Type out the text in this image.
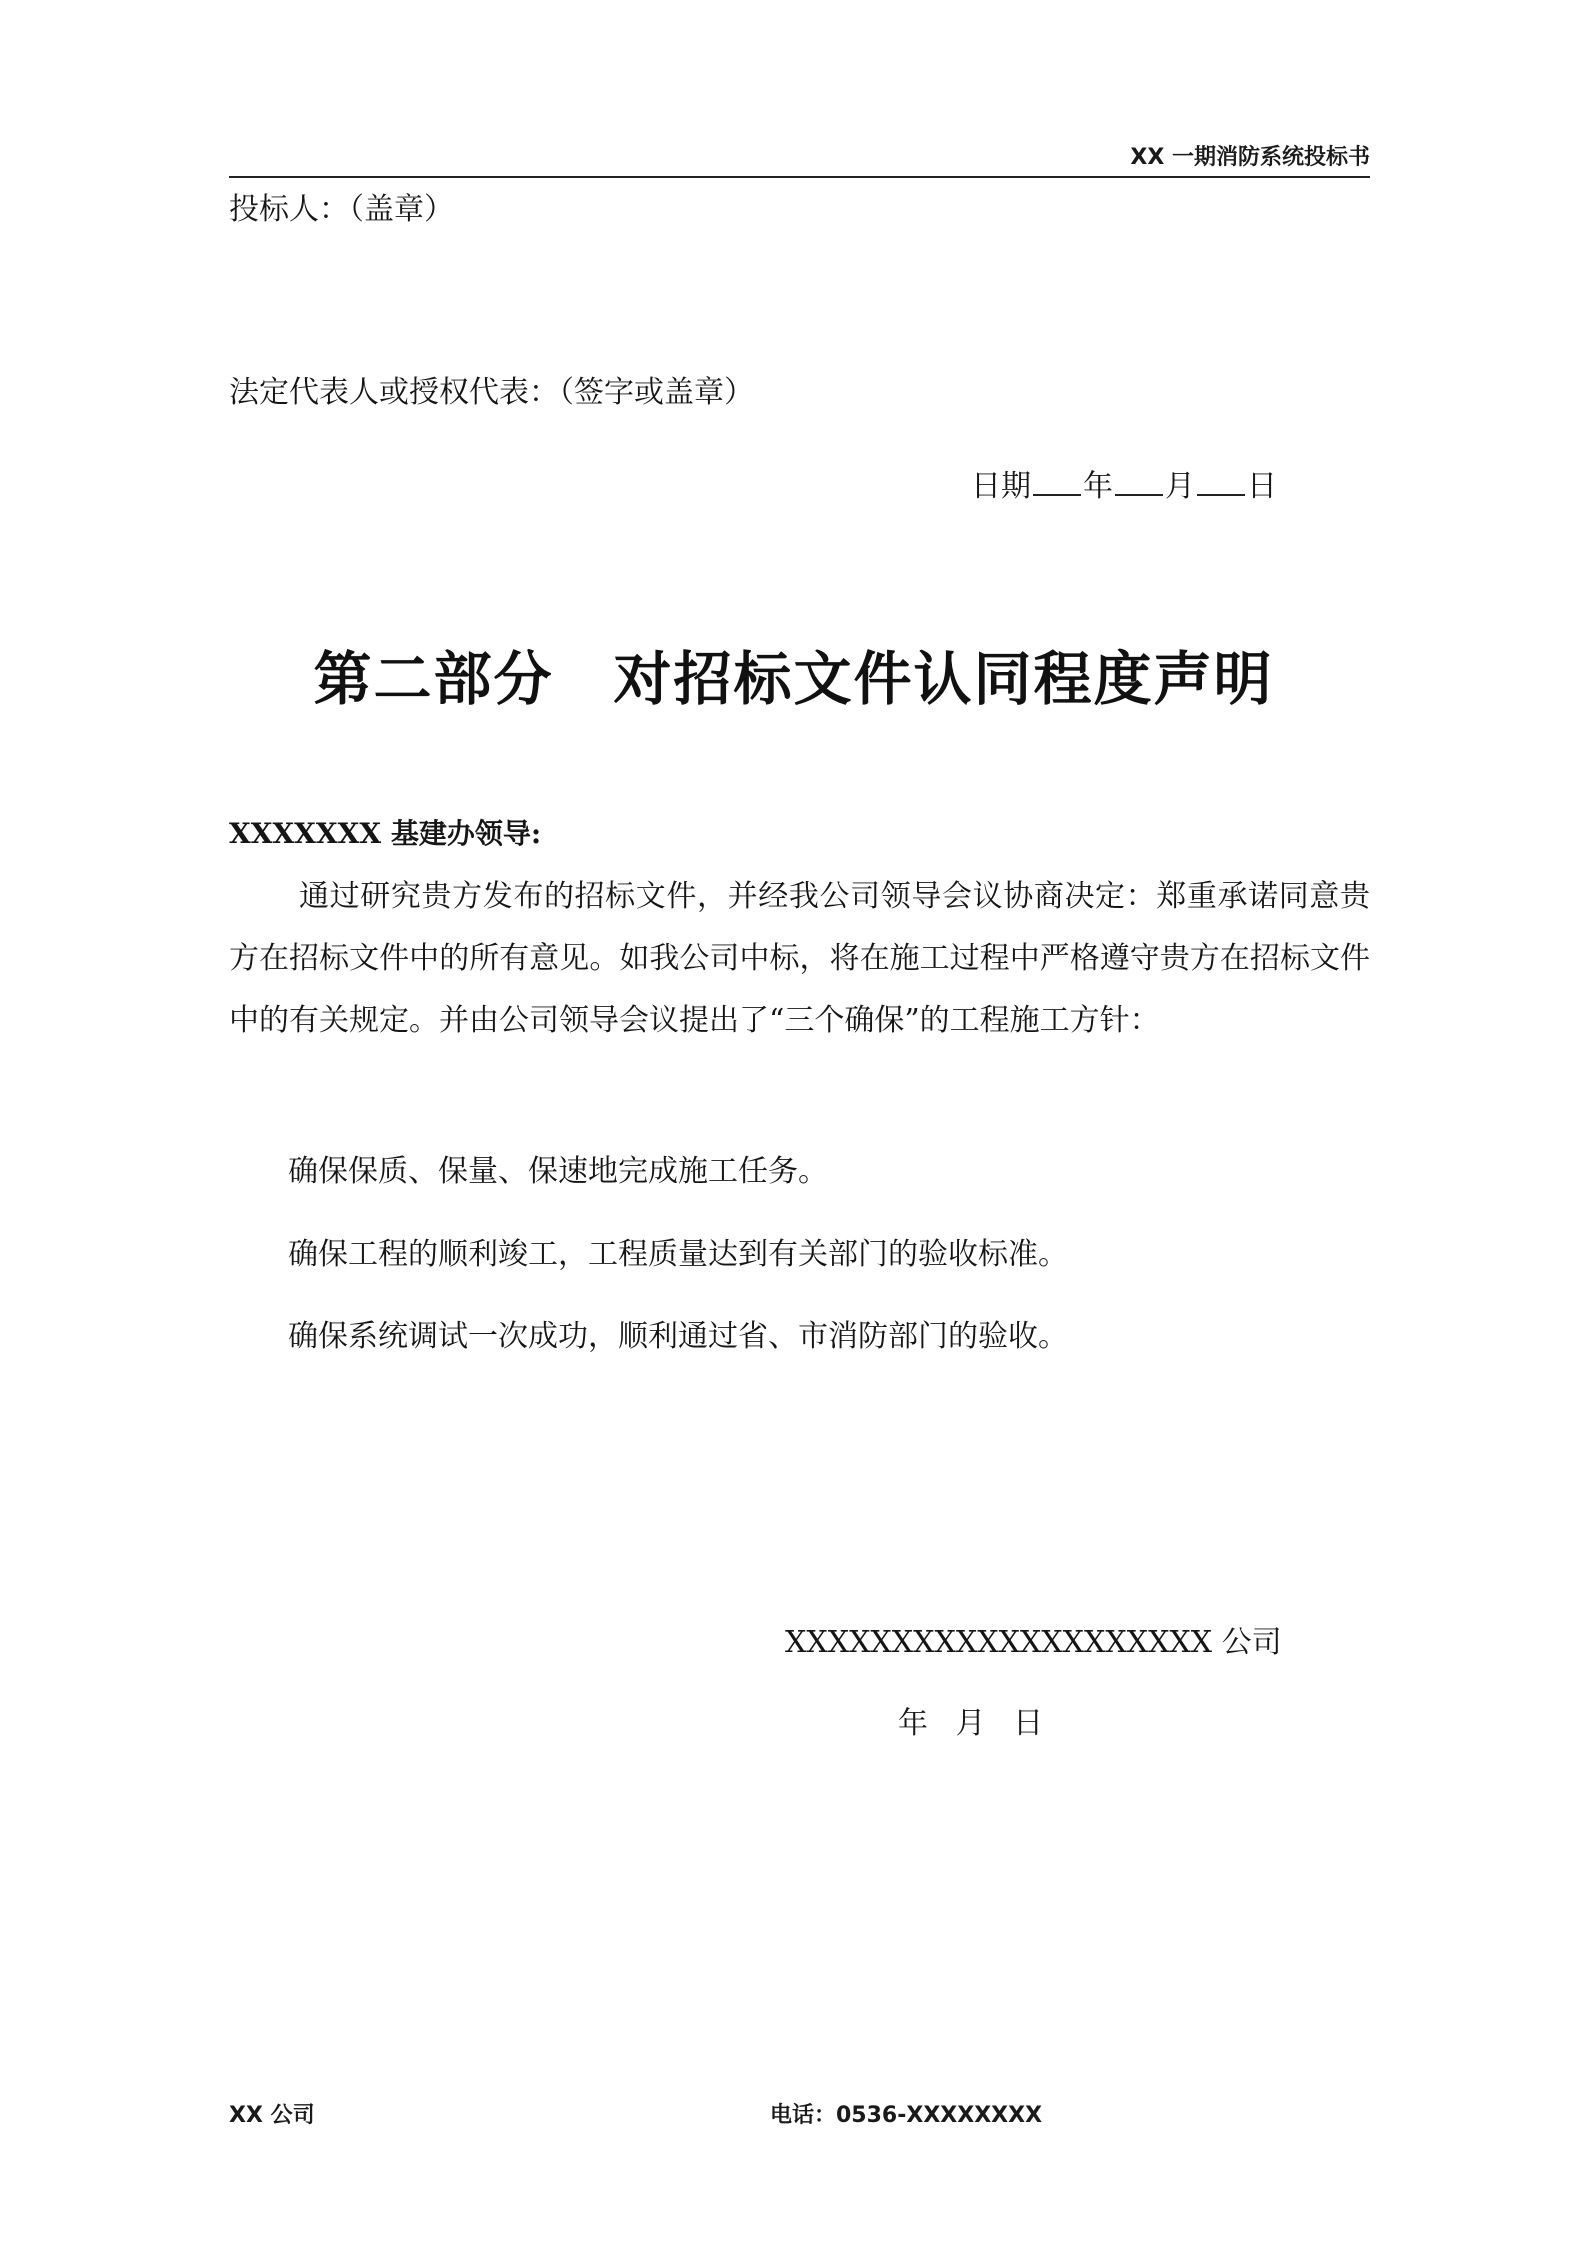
XX 一期消防系统投标书
投标人：（盖章）
法定代表人或授权代表：（签字或盖章）
日期 年 月 日
第二部分 对招标文件认同程度声明
XXXXXXX 基建办领导:
通过研究贵方发布的招标文件，并经我公司领导会议协商决定：郑重承诺同意贵方在招标文件中的所有意见。如我公司中标，将在施工过程中严格遵守贵方在招标文件中的有关规定。并由公司领导会议提出了“三个确保”的工程施工方针：
确保保质、保量、保速地完成施工任务。
确保工程的顺利竣工，工程质量达到有关部门的验收标准。
确保系统调试一次成功，顺利通过省、市消防部门的验收。
XXXXXXXXXXXXXXXXXXXX 公司
年 月 日
XX 公司	电话：0536-XXXXXXXX
